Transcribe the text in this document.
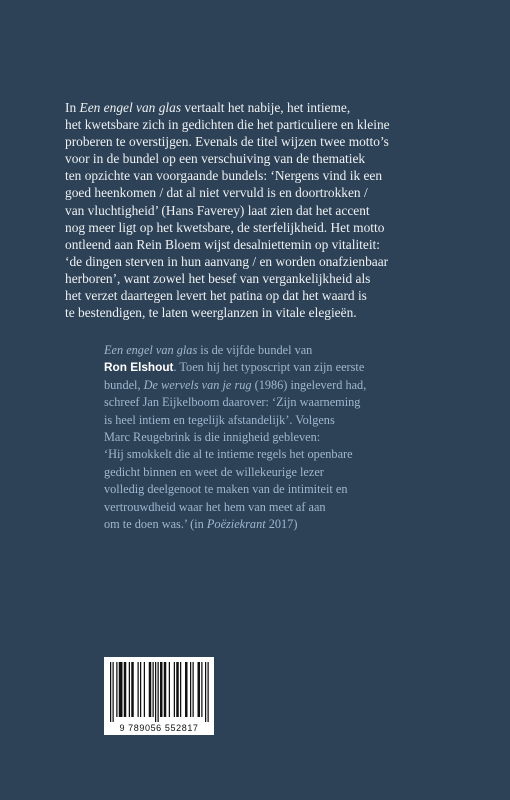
In Een engel van glas vertaalt het nabije, het intieme,
het kwetsbare zich in gedichten die het particuliere en kleine
proberen te overstijgen. Evenals de titel wijzen twee motto’s
voor in de bundel op een verschuiving van de thematiek
ten opzichte van voorgaande bundels: ‘Nergens vind ik een
goed heenkomen / dat al niet vervuld is en doortrokken /
van vluchtigheid’ (Hans Faverey) laat zien dat het accent
nog meer ligt op het kwetsbare, de sterfelijkheid. Het motto
ontleend aan Rein Bloem wijst desalniettemin op vitaliteit:
‘de dingen sterven in hun aanvang / en worden onafzienbaar
herboren’, want zowel het besef van vergankelijkheid als
het verzet daartegen levert het patina op dat het waard is
te bestendigen, te laten weerglanzen in vitale elegieën.

Een engel van glas is de vijfde bundel van
Ron Elshout. Toen hij het typoscript van zijn eerste
bundel, De wervels van je rug (1986) ingeleverd had,
schreef Jan Eijkelboom daarover: ‘Zijn waarneming
is heel intiem en tegelijk afstandelijk’. Volgens
Marc Reugebrink is die innigheid gebleven:
‘Hij smokkelt die al te intieme regels het openbare
gedicht binnen en weet de willekeurige lezer
volledig deelgenoot te maken van de intimiteit en
vertrouwdheid waar het hem van meet af aan
om te doen was.’ (in Poëziekrant 2017)

9 789056 552817
